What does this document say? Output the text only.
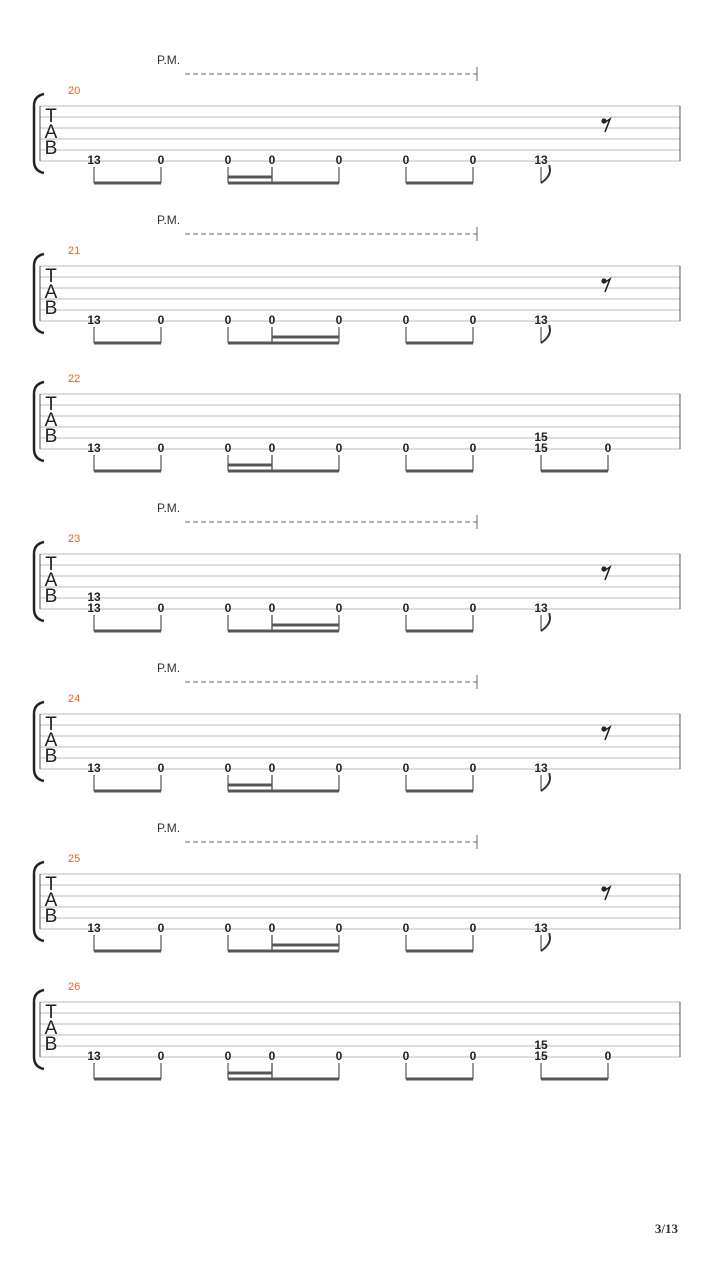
P.M.
20
T
A
B
13	0	0	0	0	0	0	13
P.M.
21
T
A
B
13	0	0	0	0	0	0	13
22
T
A
B
13	0	0	0	0	0	0
15
15	0
P.M.
23
T
A
B 13
13	0	0	0	0	0	0	13
P.M.
24
T
A
B
13	0	0	0	0	0	0	13
P.M.
25
T
A
B
13	0	0	0	0	0	0	13
26
T
A
B
13	0	0	0	0	0	0
15
15	0
3/13
